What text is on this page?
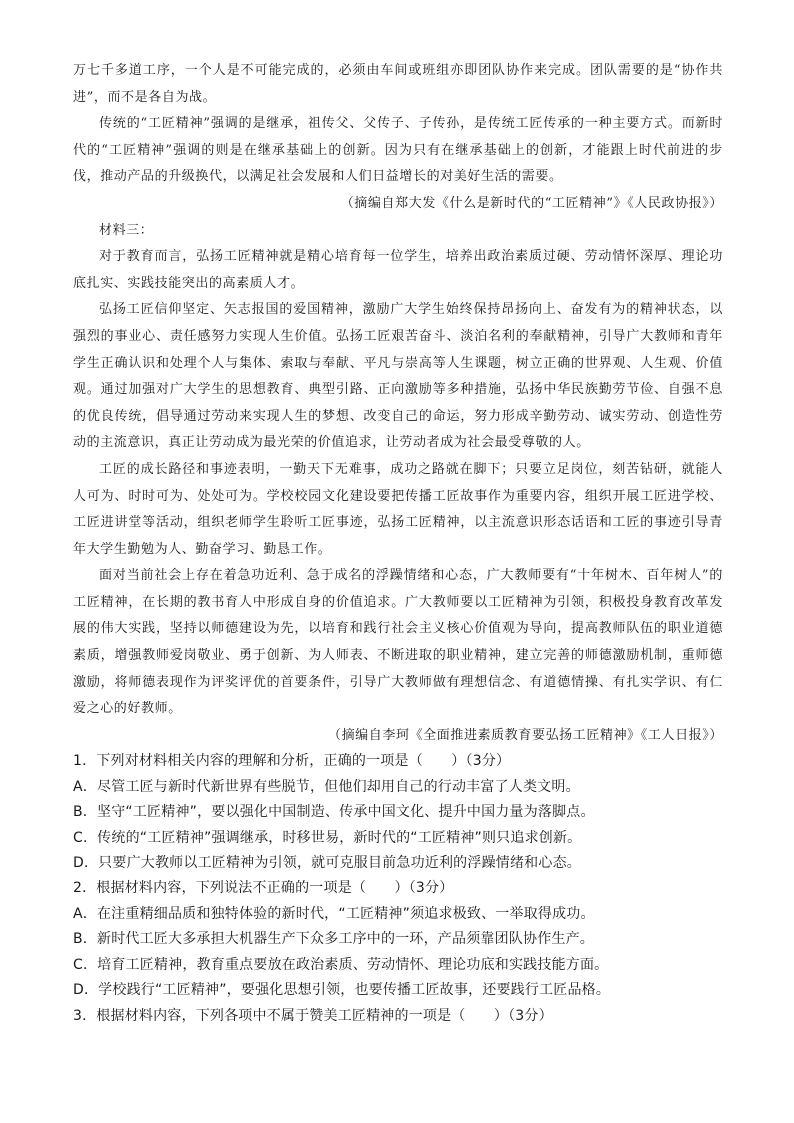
万七千多道工序，一个人是不可能完成的，必须由车间或班组亦即团队协作来完成。团队需要的是“协作共进”，而不是各自为战。

传统的“工匠精神”强调的是继承，祖传父、父传子、子传孙，是传统工匠传承的一种主要方式。而新时代的“工匠精神”强调的则是在继承基础上的创新。因为只有在继承基础上的创新，才能跟上时代前进的步伐，推动产品的升级换代，以满足社会发展和人们日益增长的对美好生活的需要。

（摘编自郑大发《什么是新时代的“工匠精神”》《人民政协报》）

材料三：

对于教育而言，弘扬工匠精神就是精心培育每一位学生，培养出政治素质过硬、劳动情怀深厚、理论功底扎实、实践技能突出的高素质人才。

弘扬工匠信仰坚定、矢志报国的爱国精神，激励广大学生始终保持昂扬向上、奋发有为的精神状态，以强烈的事业心、责任感努力实现人生价值。弘扬工匠艰苦奋斗、淡泊名利的奉献精神，引导广大教师和青年学生正确认识和处理个人与集体、索取与奉献、平凡与崇高等人生课题，树立正确的世界观、人生观、价值观。通过加强对广大学生的思想教育、典型引路、正向激励等多种措施，弘扬中华民族勤劳节俭、自强不息的优良传统，倡导通过劳动来实现人生的梦想、改变自己的命运，努力形成辛勤劳动、诚实劳动、创造性劳动的主流意识，真正让劳动成为最光荣的价值追求，让劳动者成为社会最受尊敬的人。

工匠的成长路径和事迹表明，一勤天下无难事，成功之路就在脚下；只要立足岗位，刻苦钻研，就能人人可为、时时可为、处处可为。学校校园文化建设要把传播工匠故事作为重要内容，组织开展工匠进学校、工匠进讲堂等活动，组织老师学生聆听工匠事迹，弘扬工匠精神，以主流意识形态话语和工匠的事迹引导青年大学生勤勉为人、勤奋学习、勤恳工作。

面对当前社会上存在着急功近利、急于成名的浮躁情绪和心态，广大教师要有“十年树木、百年树人”的工匠精神，在长期的教书育人中形成自身的价值追求。广大教师要以工匠精神为引领，积极投身教育改革发展的伟大实践，坚持以师德建设为先，以培育和践行社会主义核心价值观为导向，提高教师队伍的职业道德素质，增强教师爱岗敬业、勇于创新、为人师表、不断进取的职业精神，建立完善的师德激励机制，重师德激励，将师德表现作为评奖评优的首要条件，引导广大教师做有理想信念、有道德情操、有扎实学识、有仁爱之心的好教师。

（摘编自李珂《全面推进素质教育要弘扬工匠精神》《工人日报》）

1．下列对材料相关内容的理解和分析，正确的一项是（　　）（3分）

A．尽管工匠与新时代新世界有些脱节，但他们却用自己的行动丰富了人类文明。

B．坚守“工匠精神”，要以强化中国制造、传承中国文化、提升中国力量为落脚点。

C．传统的“工匠精神”强调继承，时移世易，新时代的“工匠精神”则只追求创新。

D．只要广大教师以工匠精神为引领，就可克服目前急功近利的浮躁情绪和心态。

2．根据材料内容，下列说法不正确的一项是（　　）（3分）

A．在注重精细品质和独特体验的新时代，“工匠精神”须追求极致、一举取得成功。

B．新时代工匠大多承担大机器生产下众多工序中的一环，产品须靠团队协作生产。

C．培育工匠精神，教育重点要放在政治素质、劳动情怀、理论功底和实践技能方面。

D．学校践行“工匠精神”，要强化思想引领，也要传播工匠故事，还要践行工匠品格。

3．根据材料内容，下列各项中不属于赞美工匠精神的一项是（　　）（3分）
